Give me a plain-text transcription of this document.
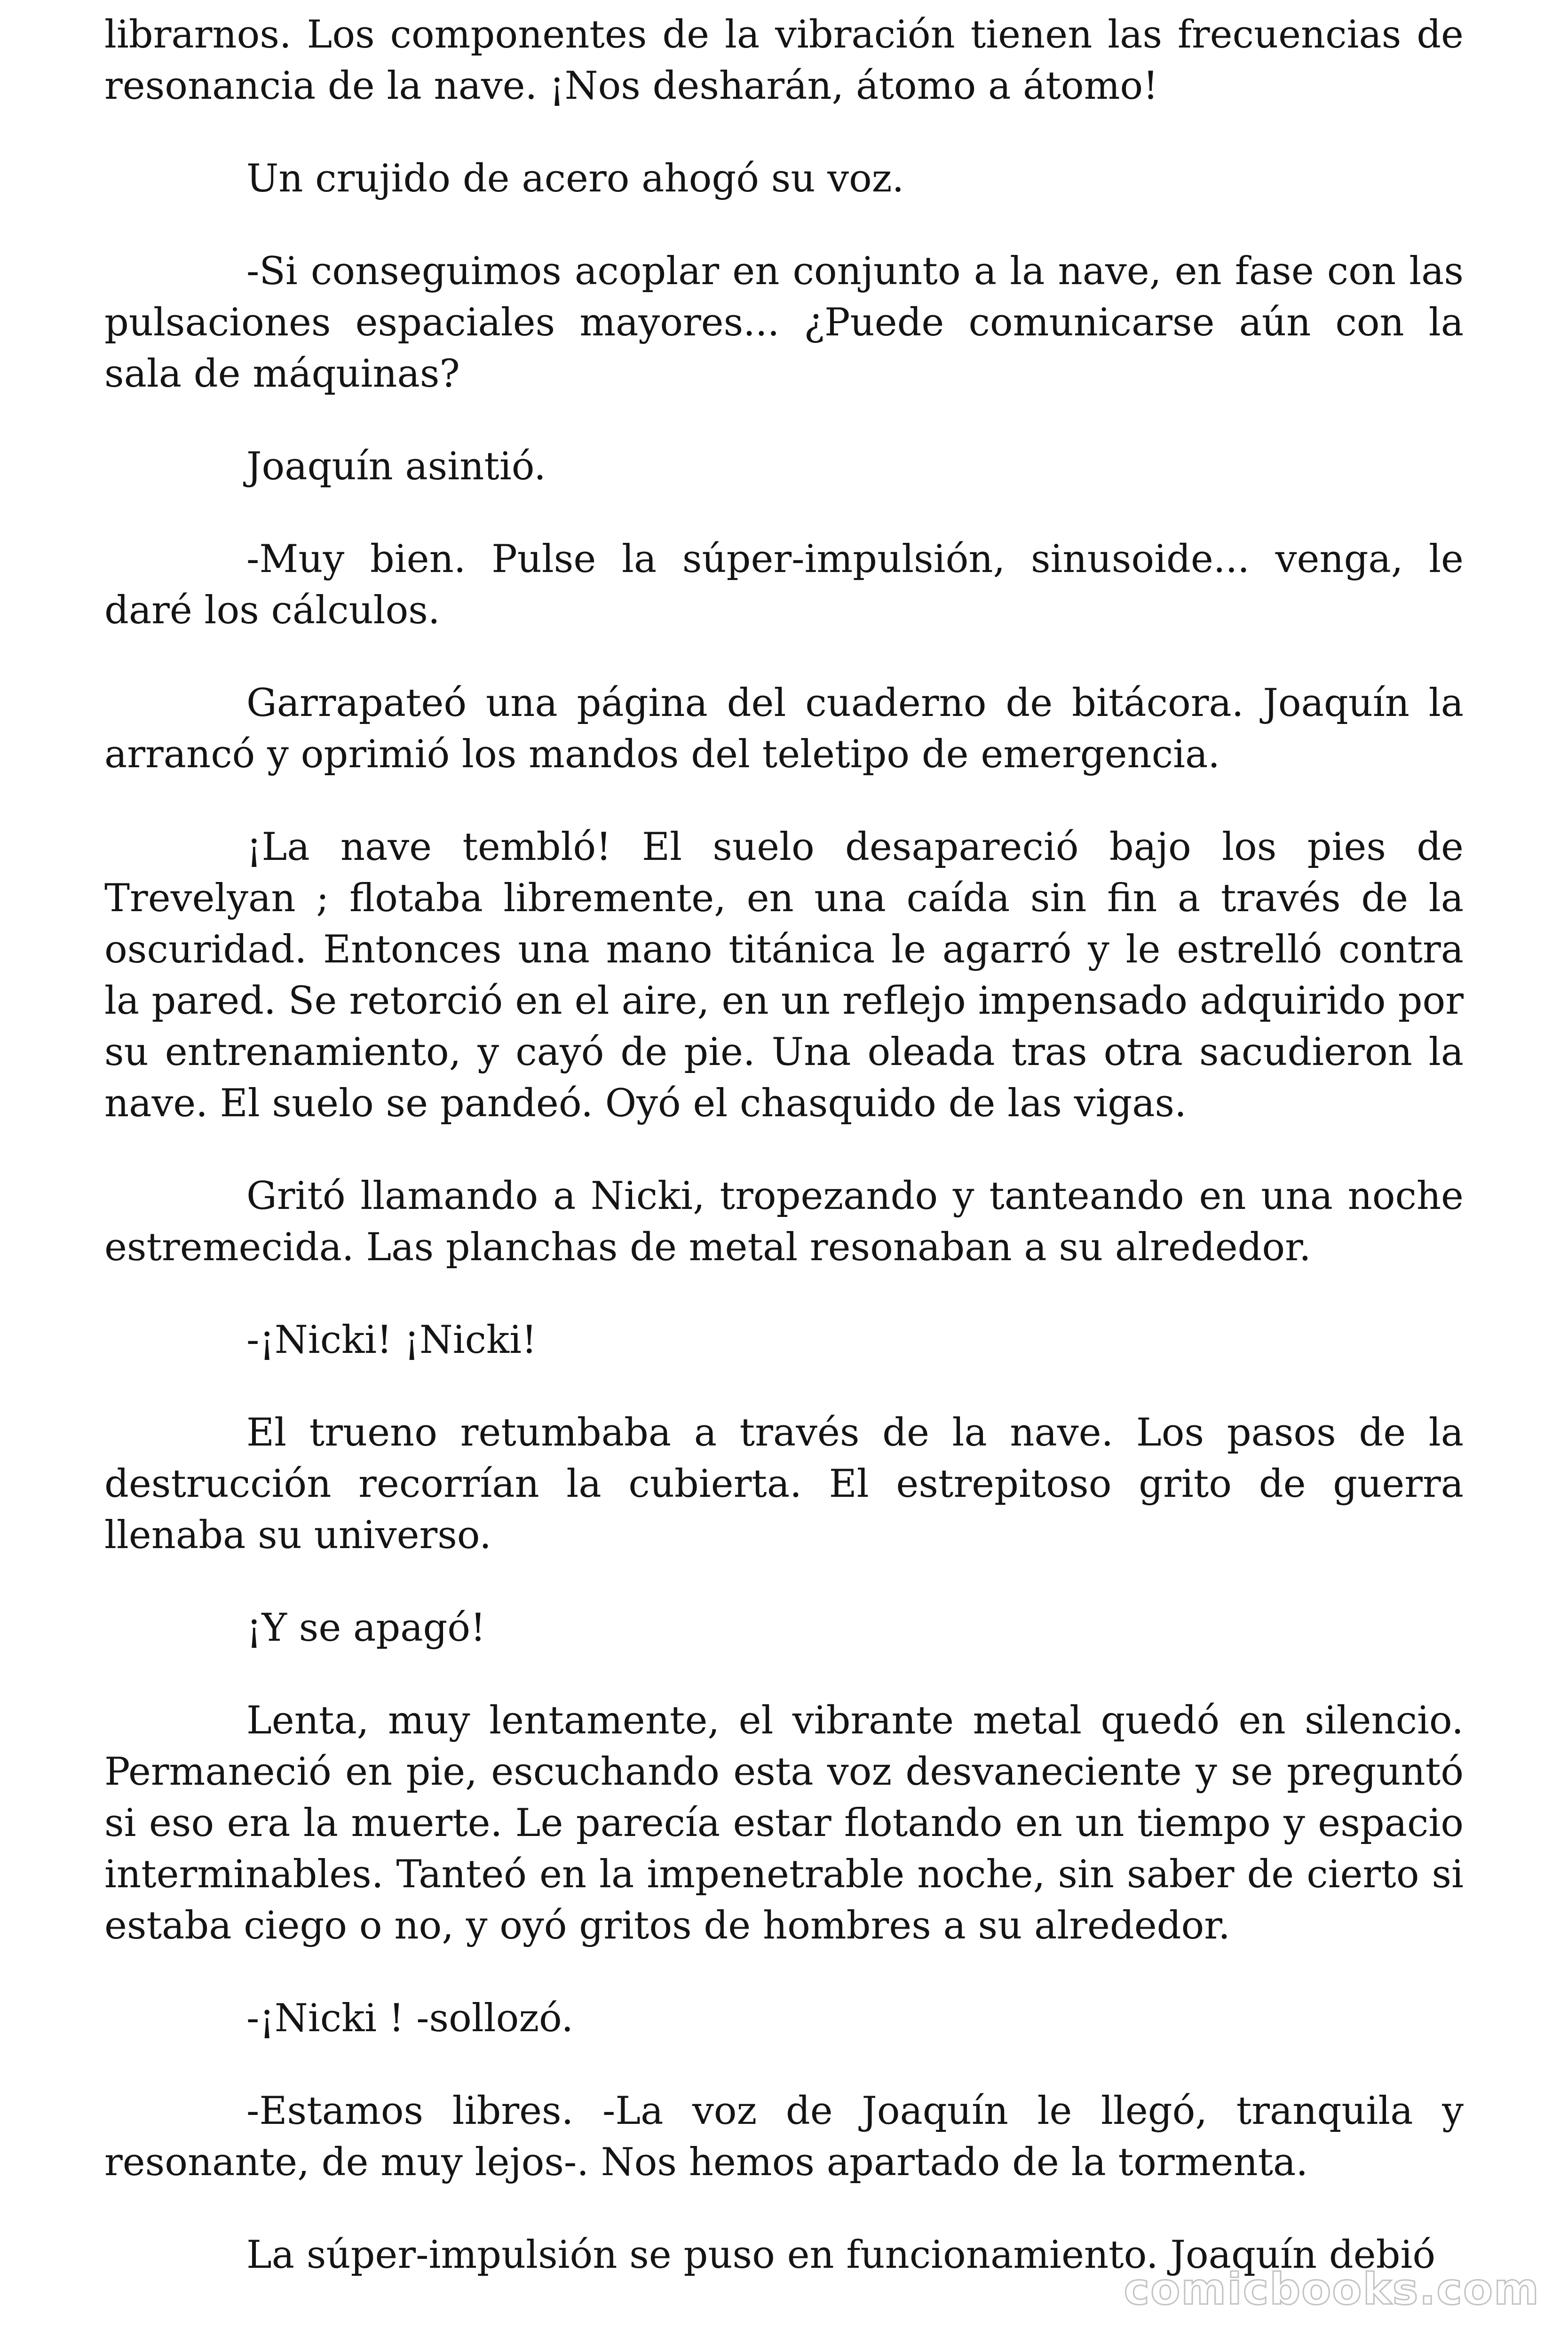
librarnos. Los componentes de la vibración tienen las frecuencias de resonancia de la nave. ¡Nos desharán, átomo a átomo!

Un crujido de acero ahogó su voz.

-Si conseguimos acoplar en conjunto a la nave, en fase con las pulsaciones espaciales mayores... ¿Puede comunicarse aún con la sala de máquinas?

Joaquín asintió.

-Muy bien. Pulse la súper-impulsión, sinusoide... venga, le daré los cálculos.

Garrapateó una página del cuaderno de bitácora. Joaquín la arrancó y oprimió los mandos del teletipo de emergencia.

¡La nave tembló! El suelo desapareció bajo los pies de Trevelyan ; flotaba libremente, en una caída sin fin a través de la oscuridad. Entonces una mano titánica le agarró y le estrelló contra la pared. Se retorció en el aire, en un reflejo impensado adquirido por su entrenamiento, y cayó de pie. Una oleada tras otra sacudieron la nave. El suelo se pandeó. Oyó el chasquido de las vigas.

Gritó llamando a Nicki, tropezando y tanteando en una noche estremecida. Las planchas de metal resonaban a su alrededor.

-¡Nicki! ¡Nicki!

El trueno retumbaba a través de la nave. Los pasos de la destrucción recorrían la cubierta. El estrepitoso grito de guerra llenaba su universo.

¡Y se apagó!

Lenta, muy lentamente, el vibrante metal quedó en silencio. Permaneció en pie, escuchando esta voz desvaneciente y se preguntó si eso era la muerte. Le parecía estar flotando en un tiempo y espacio interminables. Tanteó en la impenetrable noche, sin saber de cierto si estaba ciego o no, y oyó gritos de hombres a su alrededor.

-¡Nicki ! -sollozó.

-Estamos libres. -La voz de Joaquín le llegó, tranquila y resonante, de muy lejos-. Nos hemos apartado de la tormenta.

La súper-impulsión se puso en funcionamiento. Joaquín debió

comicbooks.com
